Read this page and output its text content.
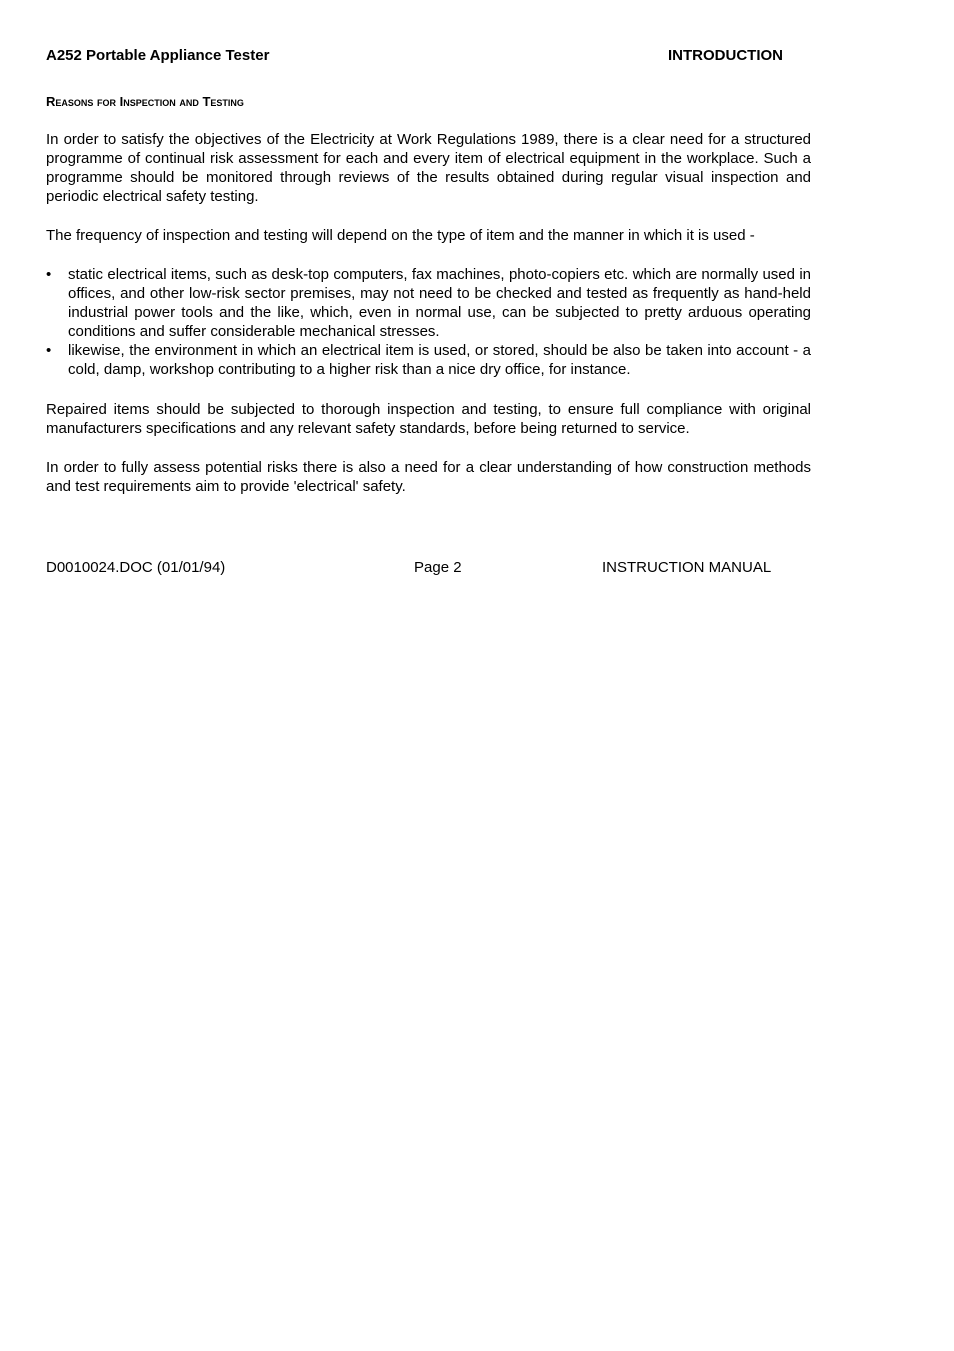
A252 Portable Appliance Tester	INTRODUCTION
Reasons for Inspection and Testing

In order to satisfy the objectives of the Electricity at Work Regulations 1989, there is a clear need for a structured programme of continual risk assessment for each and every item of electrical equipment in the workplace. Such a programme should be monitored through reviews of the results obtained during regular visual inspection and periodic electrical safety testing.

The frequency of inspection and testing will depend on the type of item and the manner in which it is used -

• static electrical items, such as desk-top computers, fax machines, photo-copiers etc. which are normally used in offices, and other low-risk sector premises, may not need to be checked and tested as frequently as hand-held industrial power tools and the like, which, even in normal use, can be subjected to pretty arduous operating conditions and suffer considerable mechanical stresses.
• likewise, the environment in which an electrical item is used, or stored, should be also be taken into account - a cold, damp, workshop contributing to a higher risk than a nice dry office, for instance.

Repaired items should be subjected to thorough inspection and testing, to ensure full compliance with original manufacturers specifications and any relevant safety standards, before being returned to service.

In order to fully assess potential risks there is also a need for a clear understanding of how construction methods and test requirements aim to provide 'electrical' safety.

D0010024.DOC (01/01/94)	Page 2	INSTRUCTION MANUAL
